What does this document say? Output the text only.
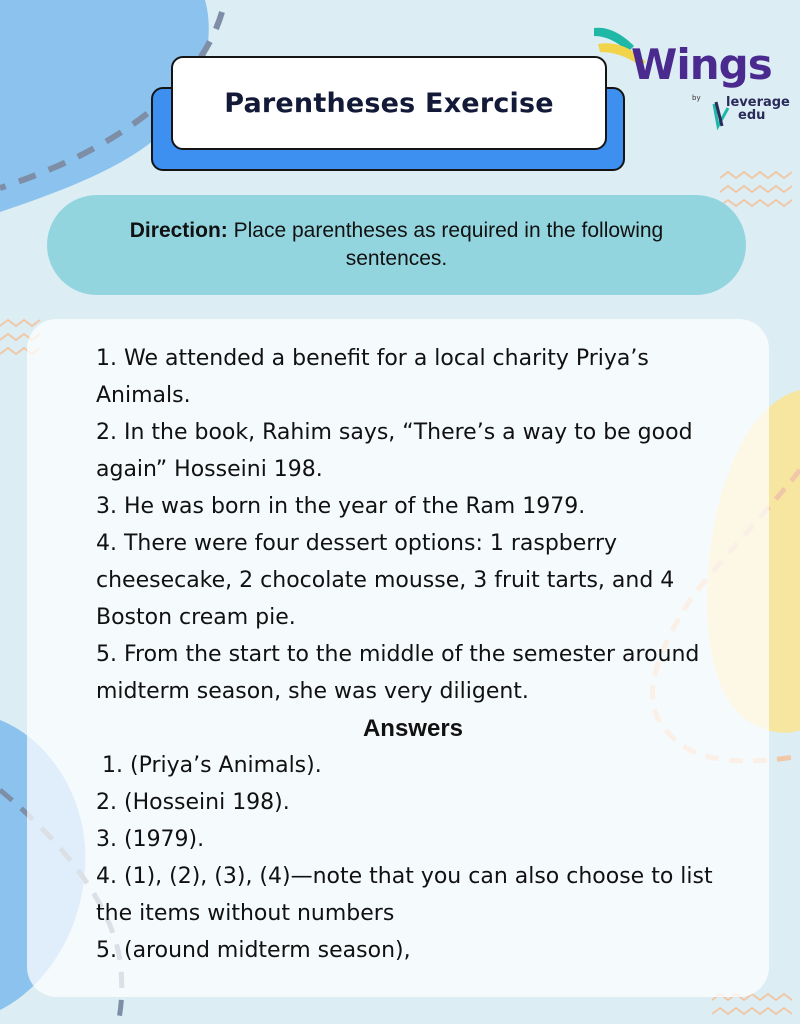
Parentheses Exercise
Wings
by leverage
edu
Direction: Place parentheses as required in the following sentences.

1. We attended a benefit for a local charity Priya’s Animals.

2. In the book, Rahim says, “There’s a way to be good again” Hosseini 198.

3. He was born in the year of the Ram 1979.

4. There were four dessert options: 1 raspberry cheesecake, 2 chocolate mousse, 3 fruit tarts, and 4 Boston cream pie.

5. From the start to the middle of the semester around midterm season, she was very diligent.

Answers

1. (Priya’s Animals).

2. (Hosseini 198).

3. (1979).

4. (1), (2), (3), (4)—note that you can also choose to list the items without numbers

5. (around midterm season),
